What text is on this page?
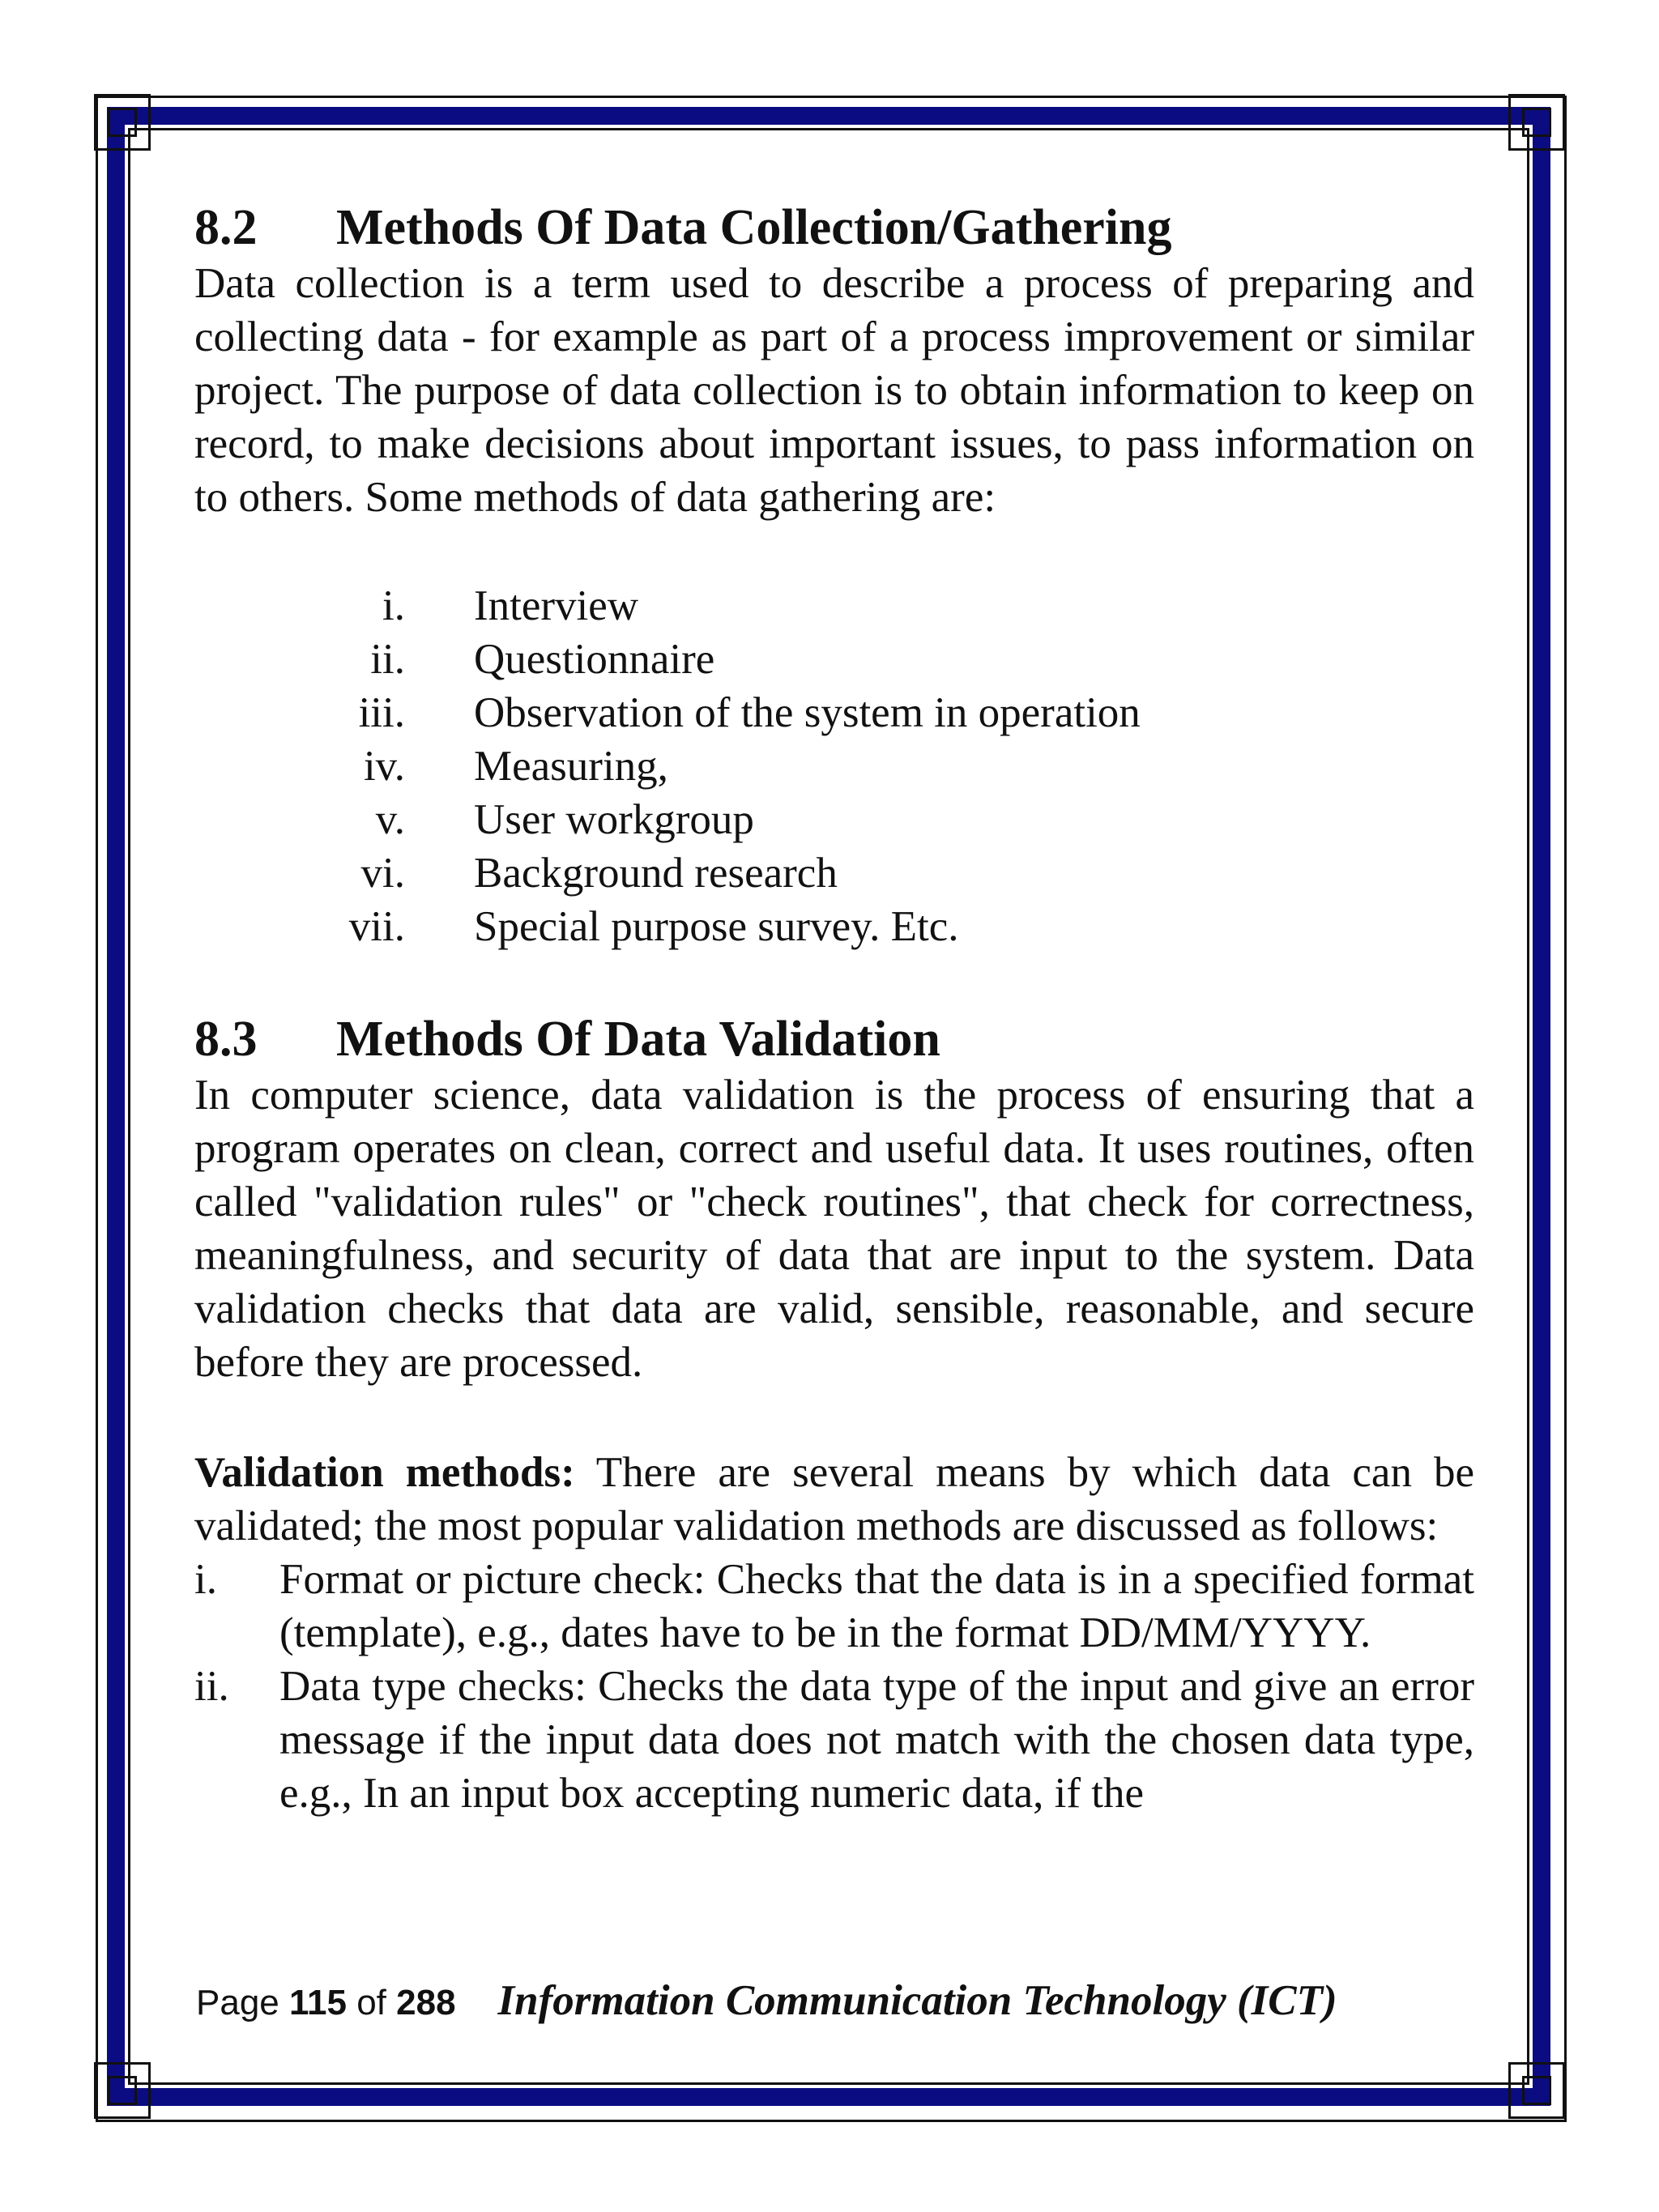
8.2	Methods Of Data Collection/Gathering

Data collection is a term used to describe a process of preparing and collecting data - for example as part of a process improvement or similar project. The purpose of data collection is to obtain information to keep on record, to make decisions about important issues, to pass information on to others. Some methods of data gathering are:

i. Interview
ii. Questionnaire
iii. Observation of the system in operation
iv. Measuring,
v. User workgroup
vi. Background research
vii. Special purpose survey. Etc.
8.3	Methods Of Data Validation

In computer science, data validation is the process of ensuring that a program operates on clean, correct and useful data. It uses routines, often called "validation rules" or "check routines", that check for correctness, meaningfulness, and security of data that are input to the system. Data validation checks that data are valid, sensible, reasonable, and secure before they are processed.

Validation methods: There are several means by which data can be validated; the most popular validation methods are discussed as follows:

i.	Format or picture check: Checks that the data is in a specified format (template), e.g., dates have to be in the format DD/MM/YYYY.
ii.	Data type checks: Checks the data type of the input and give an error message if the input data does not match with the chosen data type, e.g., In an input box accepting numeric data, if the
Page 115 of 288 Information Communication Technology (ICT)
